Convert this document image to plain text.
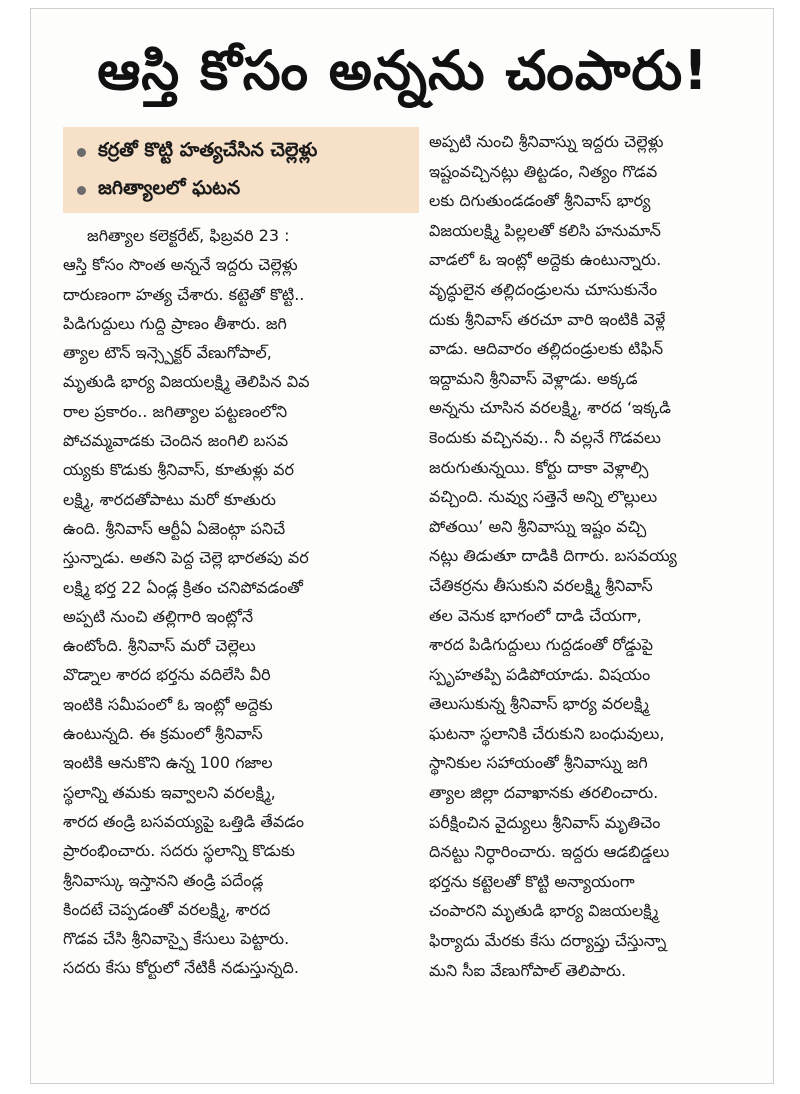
ఆస్తి కోసం అన్నను చంపారు!
కర్రతో కొట్టి హత్యచేసిన చెల్లెళ్లు
జగిత్యాలలో ఘటన
జగిత్యాల కలెక్టరేట్, ఫిబ్రవరి 23 :
ఆస్తి కోసం సొంత అన్ననే ఇద్దరు చెల్లెళ్లు
దారుణంగా హత్య చేశారు. కట్టెతో కొట్టి..
పిడిగుద్దులు గుద్ది ప్రాణం తీశారు. జగి
త్యాల టౌన్ ఇన్స్పెక్టర్ వేణుగోపాల్,
మృతుడి భార్య విజయలక్ష్మి తెలిపిన వివ
రాల ప్రకారం.. జగిత్యాల పట్టణంలోని
పోచమ్మవాడకు చెందిన జంగిలి బసవ
య్యకు కొడుకు శ్రీనివాస్, కూతుళ్లు వర
లక్ష్మి, శారదతోపాటు మరో కూతురు
ఉంది. శ్రీనివాస్ ఆర్టీఏ ఏజెంట్గా పనిచే
స్తున్నాడు. అతని పెద్ద చెల్లె భారతపు వర
లక్ష్మి భర్త 22 ఏండ్ల క్రితం చనిపోవడంతో
అప్పటి నుంచి తల్లిగారి ఇంట్లోనే
ఉంటోంది. శ్రీనివాస్ మరో చెల్లెలు
వొడ్నాల శారద భర్తను వదిలేసి వీరి
ఇంటికి సమీపంలో ఓ ఇంట్లో అద్దెకు
ఉంటున్నది. ఈ క్రమంలో శ్రీనివాస్
ఇంటికి ఆనుకొని ఉన్న 100 గజాల
స్థలాన్ని తమకు ఇవ్వాలని వరలక్ష్మి,
శారద తండ్రి బసవయ్యపై ఒత్తిడి తేవడం
ప్రారంభించారు. సదరు స్థలాన్ని కొడుకు
శ్రీనివాస్కు ఇస్తానని తండ్రి పదేండ్ల
కిందటే చెప్పడంతో వరలక్ష్మి, శారద
గొడవ చేసి శ్రీనివాస్పై కేసులు పెట్టారు.
సదరు కేసు కోర్టులో నేటికీ నడుస్తున్నది.
అప్పటి నుంచి శ్రీనివాస్ను ఇద్దరు చెల్లెళ్లు
ఇష్టంవచ్చినట్లు తిట్టడం, నిత్యం గొడవ
లకు దిగుతుండడంతో శ్రీనివాస్ భార్య
విజయలక్ష్మి పిల్లలతో కలిసి హనుమాన్
వాడలో ఓ ఇంట్లో అద్దెకు ఉంటున్నారు.
వృద్ధులైన తల్లిదండ్రులను చూసుకునేం
దుకు శ్రీనివాస్ తరచూ వారి ఇంటికి వెళ్లే
వాడు. ఆదివారం తల్లిదండ్రులకు టిఫిన్
ఇద్దామని శ్రీనివాస్ వెళ్లాడు. అక్కడ
అన్నను చూసిన వరలక్ష్మి, శారద ‘ఇక్కడి
కెందుకు వచ్చినవు.. నీ వల్లనే గొడవలు
జరుగుతున్నయి. కోర్టు దాకా వెళ్లాల్సి
వచ్చింది. నువ్వు సత్తెనే అన్ని లొల్లులు
పోతయి’ అని శ్రీనివాస్ను ఇష్టం వచ్చి
నట్లు తిడుతూ దాడికి దిగారు. బసవయ్య
చేతికర్రను తీసుకుని వరలక్ష్మి శ్రీనివాస్
తల వెనుక భాగంలో దాడి చేయగా,
శారద పిడిగుద్దులు గుద్దడంతో రోడ్డుపై
స్పృహతప్పి పడిపోయాడు. విషయం
తెలుసుకున్న శ్రీనివాస్ భార్య వరలక్ష్మి
ఘటనా స్థలానికి చేరుకుని బంధువులు,
స్థానికుల సహాయంతో శ్రీనివాస్ను జగి
త్యాల జిల్లా దవాఖానకు తరలించారు.
పరీక్షించిన వైద్యులు శ్రీనివాస్ మృతిచెం
దినట్టు నిర్ధారించారు. ఇద్దరు ఆడబిడ్డలు
భర్తను కట్టెలతో కొట్టి అన్యాయంగా
చంపారని మృతుడి భార్య విజయలక్ష్మి
ఫిర్యాదు మేరకు కేసు దర్యాప్తు చేస్తున్నా
మని సీఐ వేణుగోపాల్ తెలిపారు.
